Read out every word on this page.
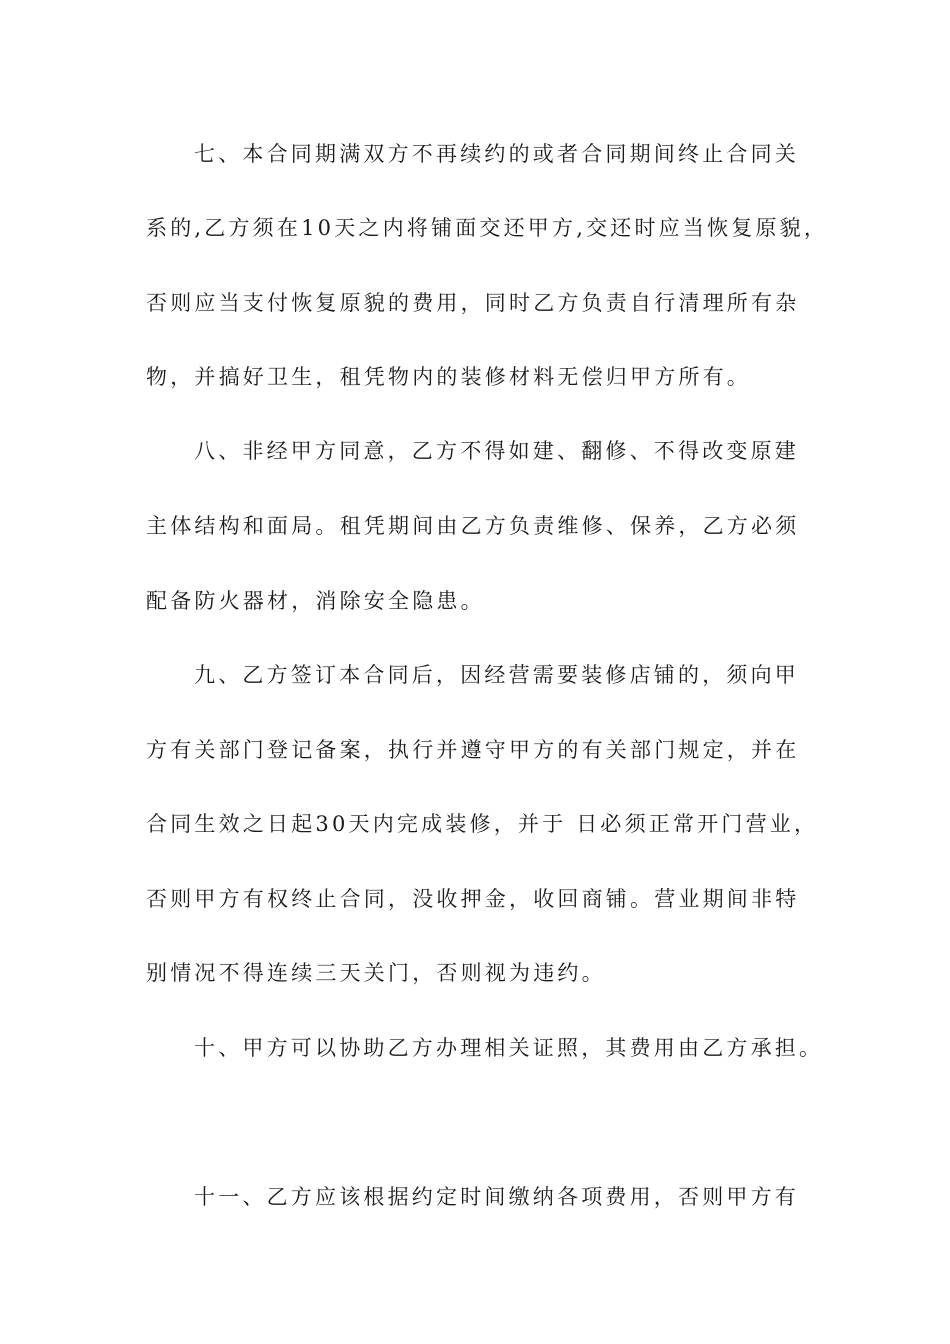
七、本合同期满双方不再续约的或者合同期间终止合同关
系的,乙方须在10天之内将铺面交还甲方,交还时应当恢复原貌，
否则应当支付恢复原貌的费用，同时乙方负责自行清理所有杂
物，并搞好卫生，租凭物内的装修材料无偿归甲方所有。
八、非经甲方同意，乙方不得如建、翻修、不得改变原建
主体结构和面局。租凭期间由乙方负责维修、保养，乙方必须
配备防火器材，消除安全隐患。
九、乙方签订本合同后，因经营需要装修店铺的，须向甲
方有关部门登记备案，执行并遵守甲方的有关部门规定，并在
合同生效之日起30天内完成装修，并于 日必须正常开门营业，
否则甲方有权终止合同，没收押金，收回商铺。营业期间非特
别情况不得连续三天关门，否则视为违约。
十、甲方可以协助乙方办理相关证照，其费用由乙方承担。
十一、乙方应该根据约定时间缴纳各项费用，否则甲方有
